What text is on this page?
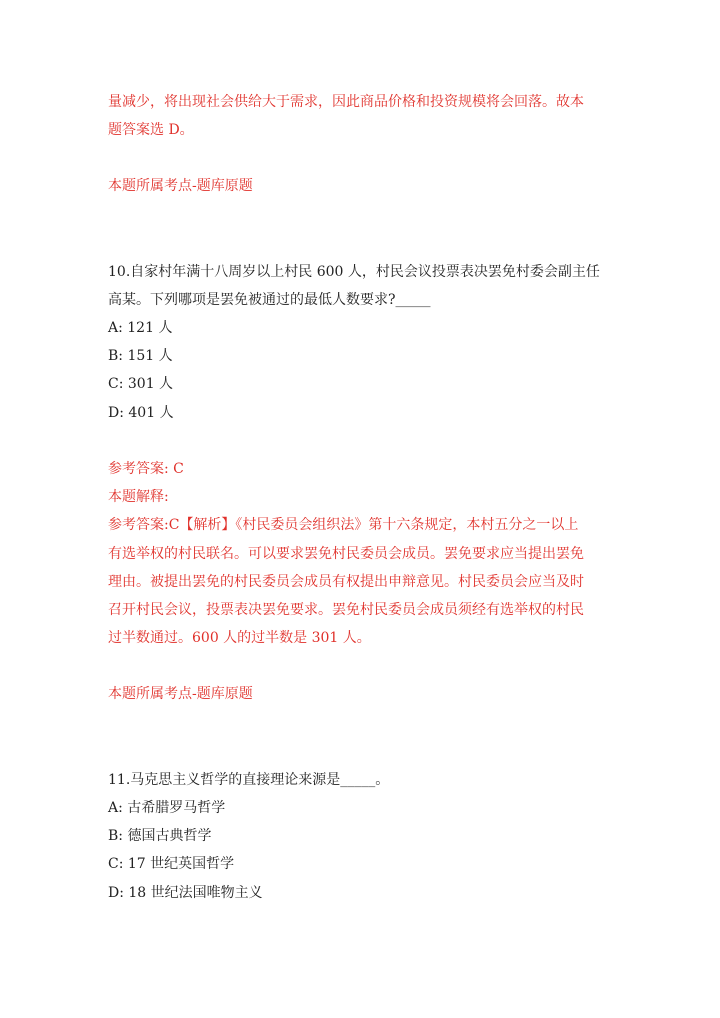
量减少，将出现社会供给大于需求，因此商品价格和投资规模将会回落。故本
题答案选 D。
本题所属考点-题库原题
10.自家村年满十八周岁以上村民 600 人，村民会议投票表决罢免村委会副主任
高某。下列哪项是罢免被通过的最低人数要求?_____
A: 121 人
B: 151 人
C: 301 人
D: 401 人
参考答案: C
本题解释:
参考答案:C【解析】《村民委员会组织法》第十六条规定，本村五分之一以上
有选举权的村民联名。可以要求罢免村民委员会成员。罢免要求应当提出罢免
理由。被提出罢免的村民委员会成员有权提出申辩意见。村民委员会应当及时
召开村民会议，投票表决罢免要求。罢免村民委员会成员须经有选举权的村民
过半数通过。600 人的过半数是 301 人。
本题所属考点-题库原题
11.马克思主义哲学的直接理论来源是_____。
A: 古希腊罗马哲学
B: 德国古典哲学
C: 17 世纪英国哲学
D: 18 世纪法国唯物主义
